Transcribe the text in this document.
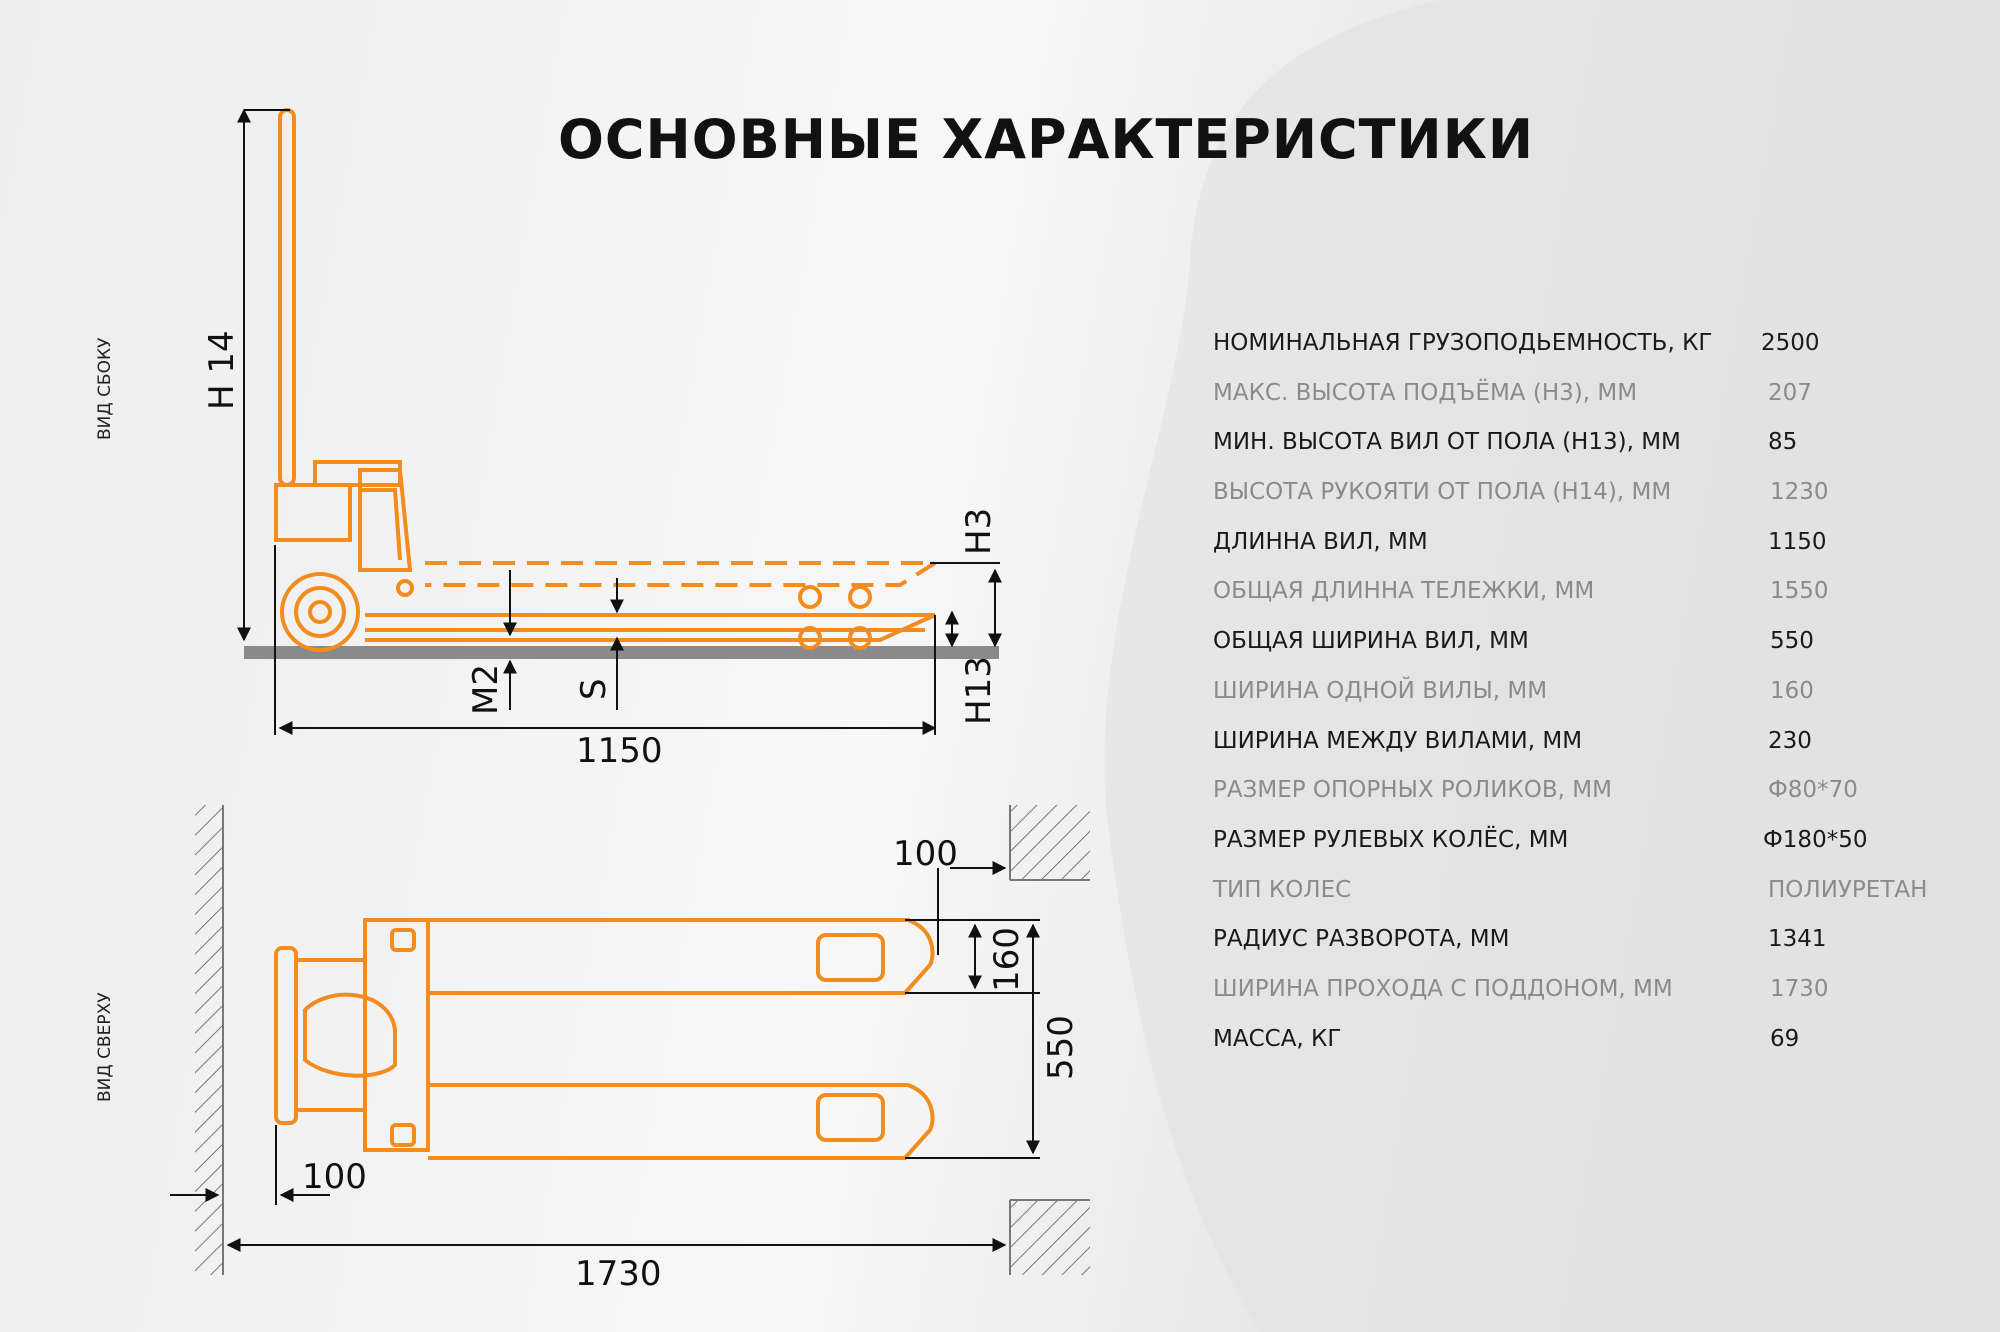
ОСНОВНЫЕ ХАРАКТЕРИСТИКИ
ВИД СБОКУ
ВИД СВЕРХУ
H 14
H3
H13
M2 S
1150
100
160
550
100
1730
НОМИНАЛЬНАЯ ГРУЗОПОДЬЕМНОСТЬ, КГ 2500
МАКС. ВЫСОТА ПОДЪЁМА (Н3), ММ	207
МИН. ВЫСОТА ВИЛ ОТ ПОЛА (Н13), ММ	85
ВЫСОТА РУКОЯТИ ОТ ПОЛА (Н14), ММ	1230
ДЛИННА ВИЛ, ММ	1150
ОБЩАЯ ДЛИННА ТЕЛЕЖКИ, ММ	1550
ОБЩАЯ ШИРИНА ВИЛ, ММ	550
ШИРИНА ОДНОЙ ВИЛЫ, ММ	160
ШИРИНА МЕЖДУ ВИЛАМИ, ММ	230
РАЗМЕР ОПОРНЫХ РОЛИКОВ, ММ	Ф80*70
РАЗМЕР РУЛЕВЫХ КОЛЁС, ММ	Ф180*50
ТИП КОЛЕС	ПОЛИУРЕТАН
РАДИУС РАЗВОРОТА, ММ	1341
ШИРИНА ПРОХОДА С ПОДДОНОМ, ММ	1730
МАССА, КГ	69
